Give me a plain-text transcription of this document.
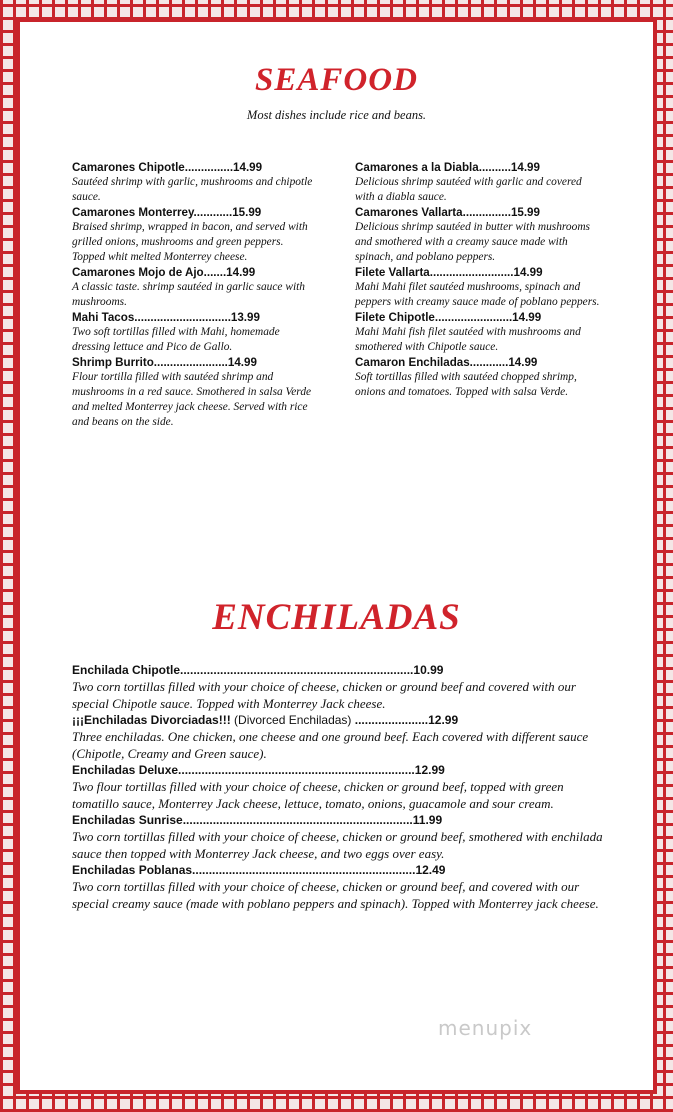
SEAFOOD
Most dishes include rice and beans.
Camarones Chipotle...............14.99
Sautéed shrimp with garlic, mushrooms and chipotle sauce.
Camarones Monterrey............15.99
Braised shrimp, wrapped in bacon, and served with grilled onions, mushrooms and green peppers. Topped whit melted Monterrey cheese.
Camarones Mojo de Ajo.......14.99
A classic taste. shrimp sautéed in garlic sauce with mushrooms.
Mahi Tacos..............................13.99
Two soft tortillas filled with Mahi, homemade dressing lettuce and Pico de Gallo.
Shrimp Burrito.......................14.99
Flour tortilla filled with sautéed shrimp and mushrooms in a red sauce. Smothered in salsa Verde and melted Monterrey jack cheese. Served with rice and beans on the side.
Camarones a la Diabla..........14.99
Delicious shrimp sautéed with garlic and covered with a diabla sauce.
Camarones Vallarta...............15.99
Delicious shrimp sautéed in butter with mushrooms and smothered with a creamy sauce made with spinach, and poblano peppers.
Filete Vallarta..........................14.99
Mahi Mahi filet sautéed mushrooms, spinach and peppers with creamy sauce made of poblano peppers.
Filete Chipotle........................14.99
Mahi Mahi fish filet sautéed with mushrooms and smothered with Chipotle sauce.
Camaron Enchiladas............14.99
Soft tortillas filled with sautéed chopped shrimp, onions and tomatoes. Topped with salsa Verde.
ENCHILADAS
Enchilada Chipotle......................................................................10.99
Two corn tortillas filled with your choice of cheese, chicken or ground beef and covered with our special Chipotle sauce. Topped with Monterrey Jack cheese.
¡¡¡Enchiladas Divorciadas!!! (Divorced Enchiladas) ......................12.99
Three enchiladas. One chicken, one cheese and one ground beef. Each covered with different sauce (Chipotle, Creamy and Green sauce).
Enchiladas Deluxe.......................................................................12.99
Two flour tortillas filled with your choice of cheese, chicken or ground beef, topped with green tomatillo sauce, Monterrey Jack cheese, lettuce, tomato, onions, guacamole and sour cream.
Enchiladas Sunrise.....................................................................11.99
Two corn tortillas filled with your choice of cheese, chicken or ground beef, smothered with enchilada sauce then topped with Monterrey Jack cheese, and two eggs over easy.
Enchiladas Poblanas...................................................................12.49
Two corn tortillas filled with your choice of cheese, chicken or ground beef, and covered with our special creamy sauce (made with poblano peppers and spinach). Topped with Monterrey jack cheese.
menupix
